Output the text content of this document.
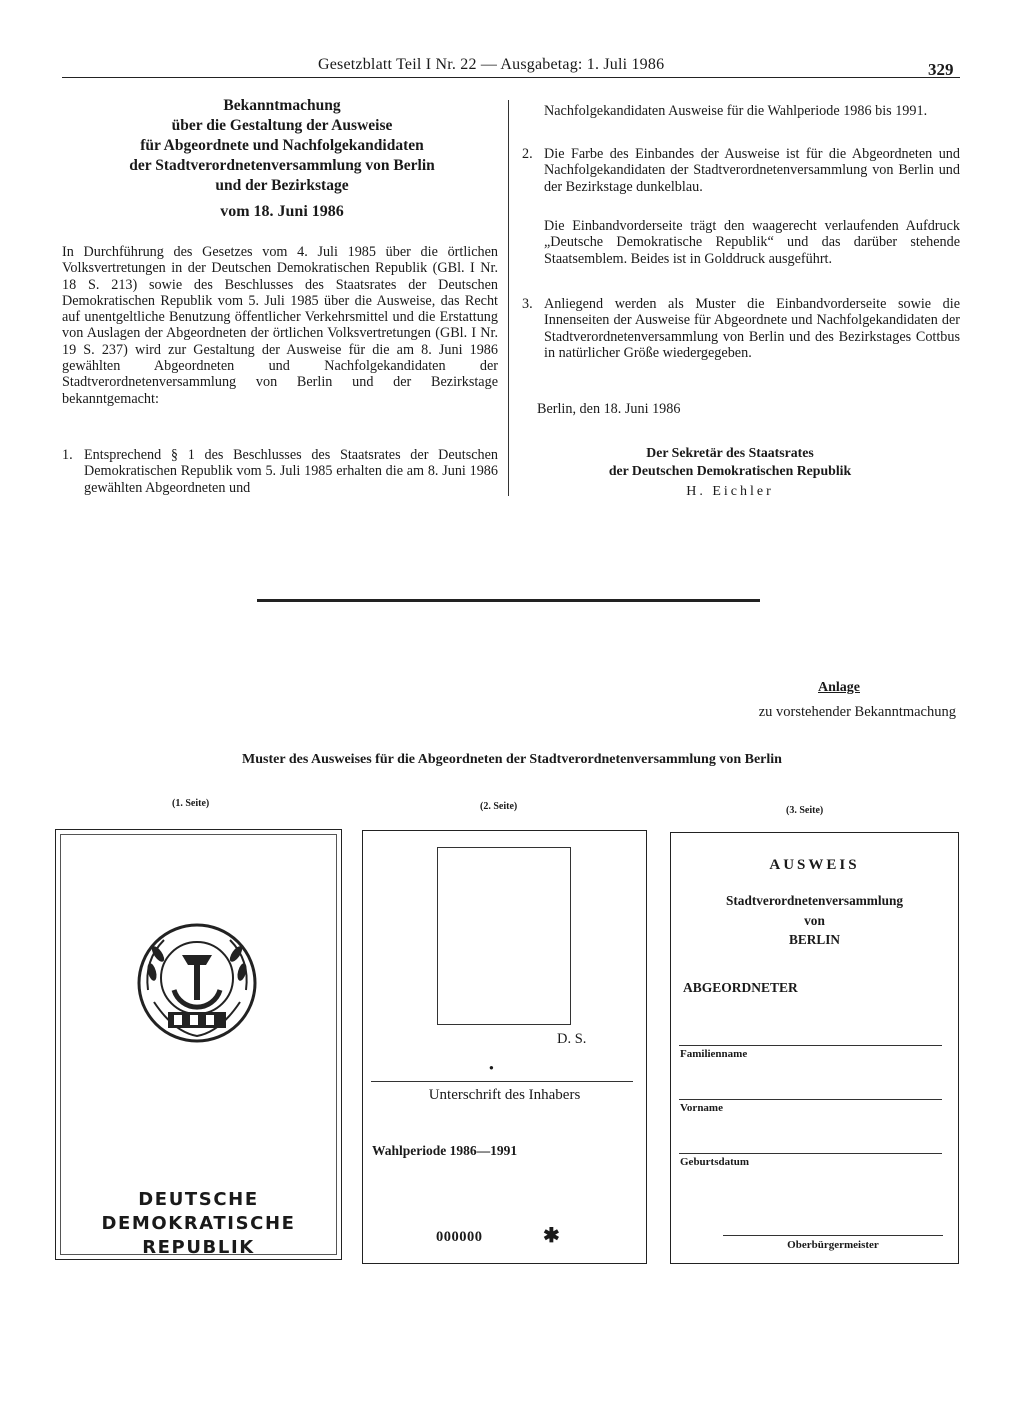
Gesetzblatt Teil I Nr. 22 — Ausgabetag: 1. Juli 1986	329
Bekanntmachung
über die Gestaltung der Ausweise
für Abgeordnete und Nachfolgekandidaten
der Stadtverordnetenversammlung von Berlin
und der Bezirkstage
vom 18. Juni 1986
In Durchführung des Gesetzes vom 4. Juli 1985 über die örtlichen Volksvertretungen in der Deutschen Demokratischen Republik (GBl. I Nr. 18 S. 213) sowie des Beschlusses des Staatsrates der Deutschen Demokratischen Republik vom 5. Juli 1985 über die Ausweise, das Recht auf unentgeltliche Benutzung öffentlicher Verkehrsmittel und die Erstattung von Auslagen der Abgeordneten der örtlichen Volksvertretungen (GBl. I Nr. 19 S. 237) wird zur Gestaltung der Ausweise für die am 8. Juni 1986 gewählten Abgeordneten und Nachfolgekandidaten der Stadtverordnetenversammlung von Berlin und der Bezirkstage bekanntgemacht:
1. Entsprechend § 1 des Beschlusses des Staatsrates der Deutschen Demokratischen Republik vom 5. Juli 1985 erhalten die am 8. Juni 1986 gewählten Abgeordneten und
Nachfolgekandidaten Ausweise für die Wahlperiode 1986 bis 1991.
2. Die Farbe des Einbandes der Ausweise ist für die Abgeordneten und Nachfolgekandidaten der Stadtverordnetenversammlung von Berlin und der Bezirkstage dunkelblau.
Die Einbandvorderseite trägt den waagerecht verlaufenden Aufdruck „Deutsche Demokratische Republik“ und das darüber stehende Staatsemblem. Beides ist in Golddruck ausgeführt.
3. Anliegend werden als Muster die Einbandvorderseite sowie die Innenseiten der Ausweise für Abgeordnete und Nachfolgekandidaten der Stadtverordnetenversammlung von Berlin und des Bezirkstages Cottbus in natürlicher Größe wiedergegeben.
Berlin, den 18. Juni 1986
Der Sekretär des Staatsrates
der Deutschen Demokratischen Republik
H. Eichler
Anlage
zu vorstehender Bekanntmachung
Muster des Ausweises für die Abgeordneten der Stadtverordnetenversammlung von Berlin
(1. Seite)	(2. Seite)	(3. Seite)
DEUTSCHE
DEMOKRATISCHE REPUBLIK
D. S.
●
Unterschrift des Inhabers
Wahlperiode 1986—1991
000000	✱
AUSWEIS
Stadtverordnetenversammlung
von
BERLIN
ABGEORDNETER
Familienname
Vorname
Geburtsdatum
Oberbürgermeister
